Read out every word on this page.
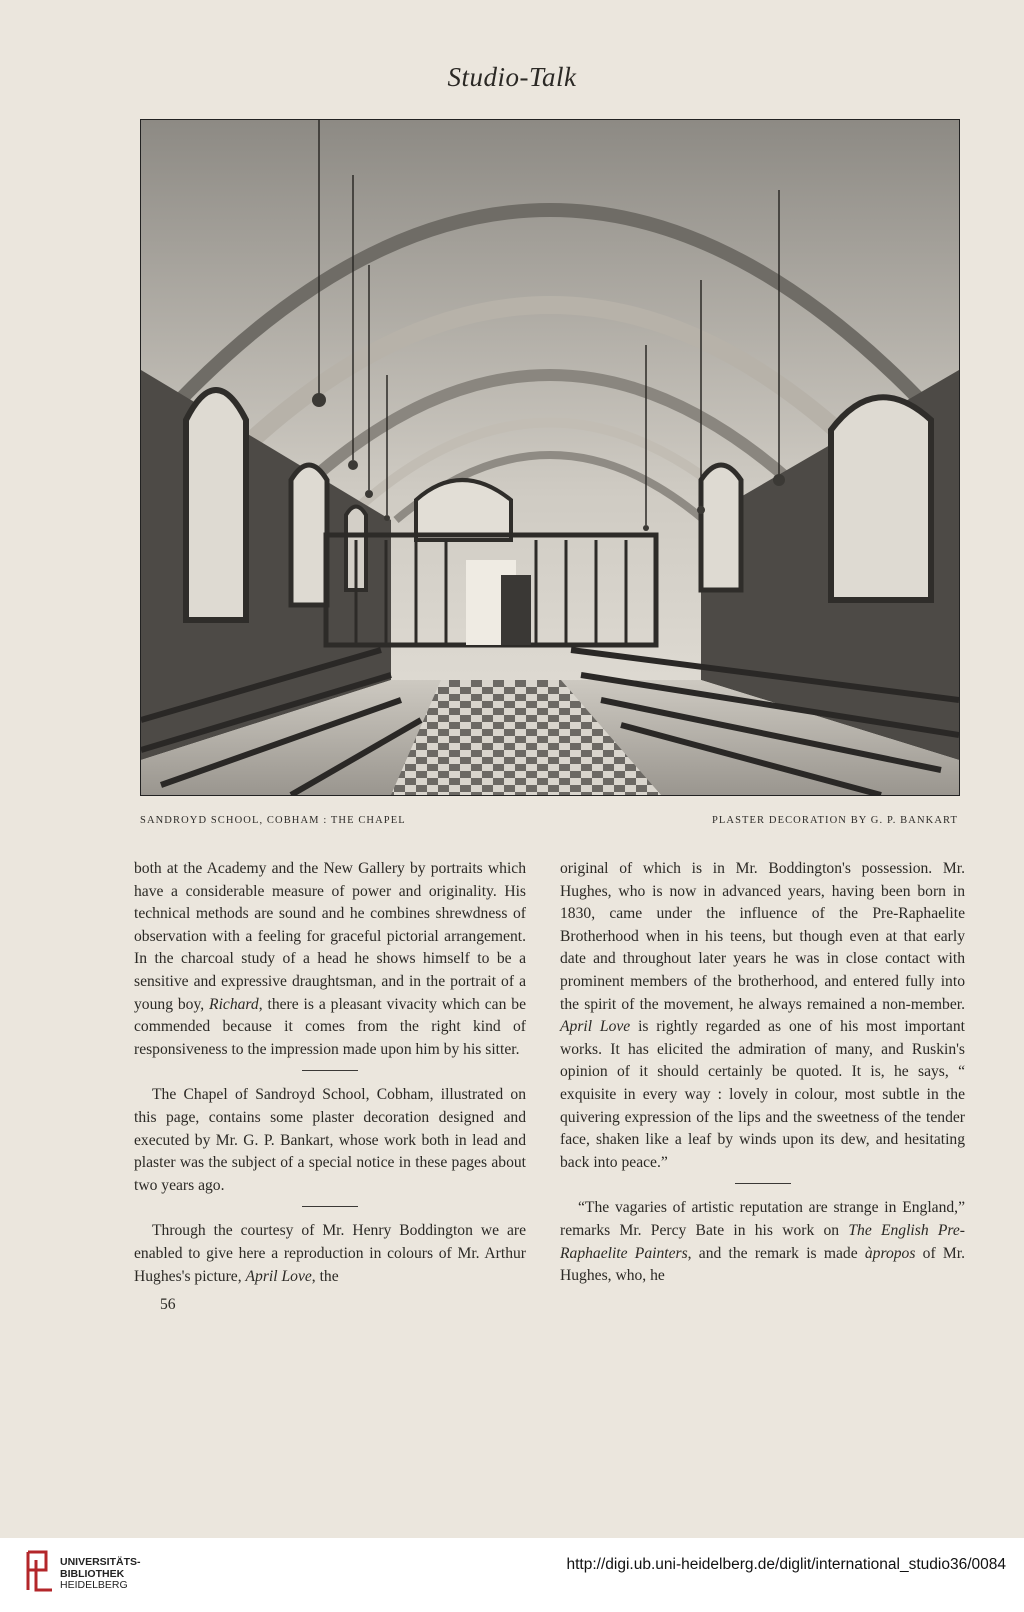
Studio-Talk
SANDROYD SCHOOL, COBHAM : THE CHAPEL	PLASTER DECORATION BY G. P. BANKART

both at the Academy and the New Gallery by portraits which have a considerable measure of power and originality. His technical methods are sound and he combines shrewdness of observation with a feeling for graceful pictorial arrangement. In the charcoal study of a head he shows himself to be a sensitive and expressive draughtsman, and in the portrait of a young boy, Richard, there is a pleasant vivacity which can be commended because it comes from the right kind of responsiveness to the impression made upon him by his sitter.

The Chapel of Sandroyd School, Cobham, illustrated on this page, contains some plaster decoration designed and executed by Mr. G. P. Bankart, whose work both in lead and plaster was the subject of a special notice in these pages about two years ago.

Through the courtesy of Mr. Henry Boddington we are enabled to give here a reproduction in colours of Mr. Arthur Hughes's picture, April Love, the

56

original of which is in Mr. Boddington's possession. Mr. Hughes, who is now in advanced years, having been born in 1830, came under the influence of the Pre-Raphaelite Brotherhood when in his teens, but though even at that early date and throughout later years he was in close contact with prominent members of the brotherhood, and entered fully into the spirit of the movement, he always remained a non-member. April Love is rightly regarded as one of his most important works. It has elicited the admiration of many, and Ruskin's opinion of it should certainly be quoted. It is, he says, “ exquisite in every way : lovely in colour, most subtle in the quivering expression of the lips and the sweetness of the tender face, shaken like a leaf by winds upon its dew, and hesitating back into peace.”

“The vagaries of artistic reputation are strange in England,” remarks Mr. Percy Bate in his work on The English Pre-Raphaelite Painters, and the remark is made àpropos of Mr. Hughes, who, he

UNIVERSITÄTS-
BIBLIOTHEK
HEIDELBERG
http://digi.ub.uni-heidelberg.de/diglit/international_studio36/0084
